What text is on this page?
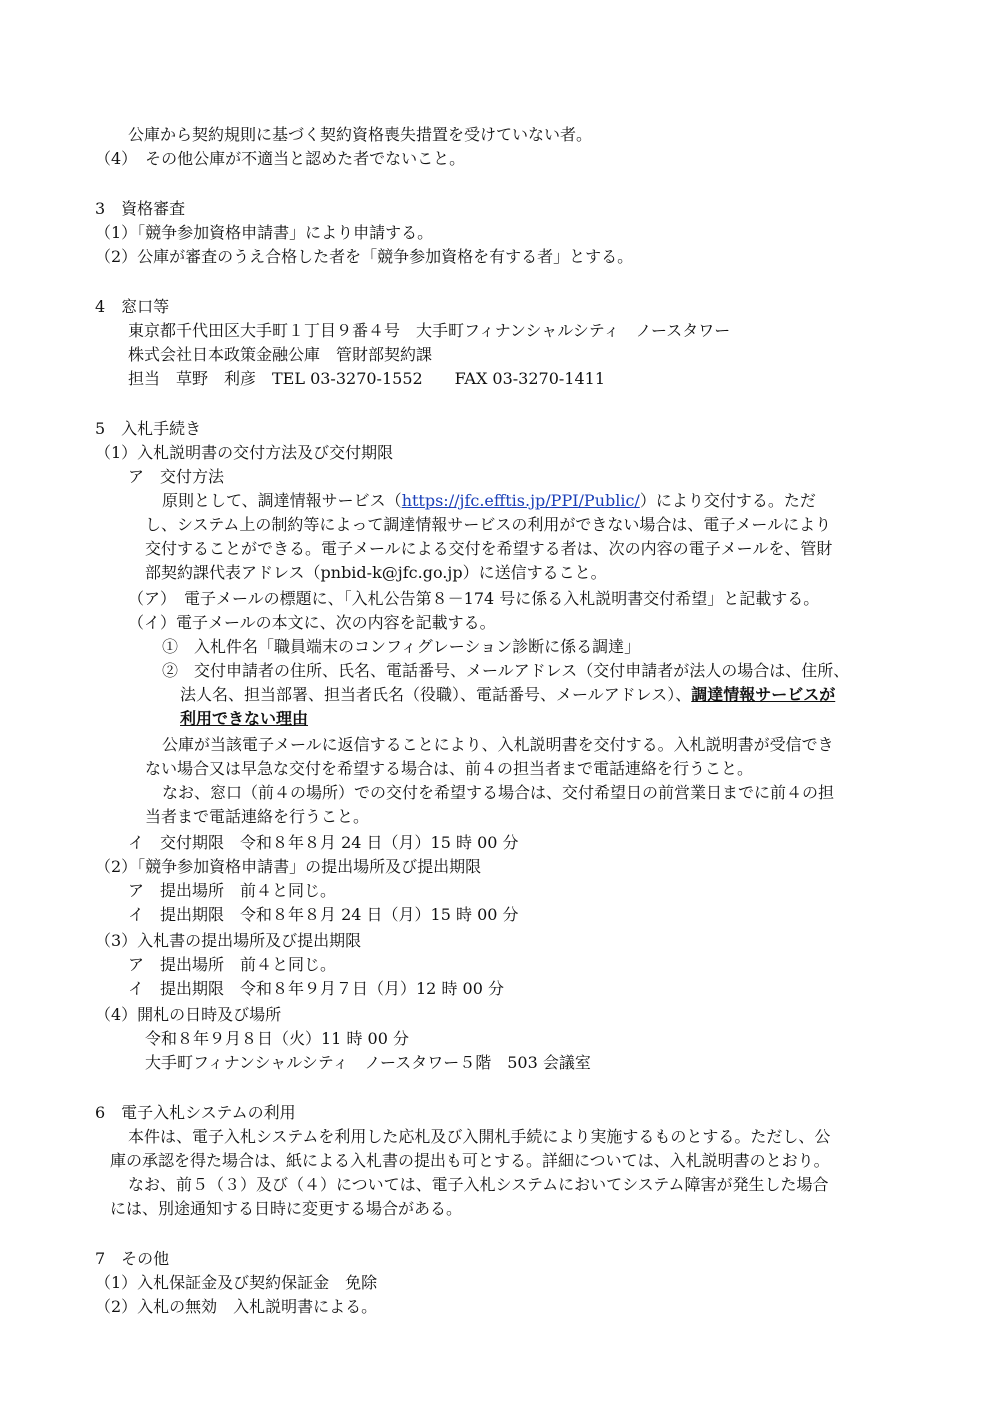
公庫から契約規則に基づく契約資格喪失措置を受けていない者。
（4）　その他公庫が不適当と認めた者でないこと。
3　資格審査
（1）「競争参加資格申請書」により申請する。
（2）公庫が審査のうえ合格した者を「競争参加資格を有する者」とする。
4　窓口等
東京都千代田区大手町１丁目９番４号　大手町フィナンシャルシティ　ノースタワー
株式会社日本政策金融公庫　管財部契約課
担当　草野　利彦　TEL 03-3270-1552　　FAX 03-3270-1411
5　入札手続き
（1）入札説明書の交付方法及び交付期限
ア　交付方法
原則として、調達情報サービス（https://jfc.efftis.jp/PPI/Public/）により交付する。ただ
し、システム上の制約等によって調達情報サービスの利用ができない場合は、電子メールにより
交付することができる。電子メールによる交付を希望する者は、次の内容の電子メールを、管財
部契約課代表アドレス（pnbid-k@jfc.go.jp）に送信すること。
（ア）　電子メールの標題に、「入札公告第８－174 号に係る入札説明書交付希望」と記載する。
（イ）電子メールの本文に、次の内容を記載する。
①　入札件名「職員端末のコンフィグレーション診断に係る調達」
②　交付申請者の住所、氏名、電話番号、メールアドレス（交付申請者が法人の場合は、住所、
法人名、担当部署、担当者氏名（役職）、電話番号、メールアドレス）、調達情報サービスが
利用できない理由
公庫が当該電子メールに返信することにより、入札説明書を交付する。入札説明書が受信でき
ない場合又は早急な交付を希望する場合は、前４の担当者まで電話連絡を行うこと。
なお、窓口（前４の場所）での交付を希望する場合は、交付希望日の前営業日までに前４の担
当者まで電話連絡を行うこと。
イ　交付期限　令和８年８月 24 日（月）15 時 00 分
（2）「競争参加資格申請書」の提出場所及び提出期限
ア　提出場所　前４と同じ。
イ　提出期限　令和８年８月 24 日（月）15 時 00 分
（3）入札書の提出場所及び提出期限
ア　提出場所　前４と同じ。
イ　提出期限　令和８年９月７日（月）12 時 00 分
（4）開札の日時及び場所
令和８年９月８日（火）11 時 00 分
大手町フィナンシャルシティ　ノースタワー５階　503 会議室
6　電子入札システムの利用
本件は、電子入札システムを利用した応札及び入開札手続により実施するものとする。ただし、公
庫の承認を得た場合は、紙による入札書の提出も可とする。詳細については、入札説明書のとおり。
なお、前５（３）及び（４）については、電子入札システムにおいてシステム障害が発生した場合
には、別途通知する日時に変更する場合がある。
7　その他
（1）入札保証金及び契約保証金　免除
（2）入札の無効　入札説明書による。
